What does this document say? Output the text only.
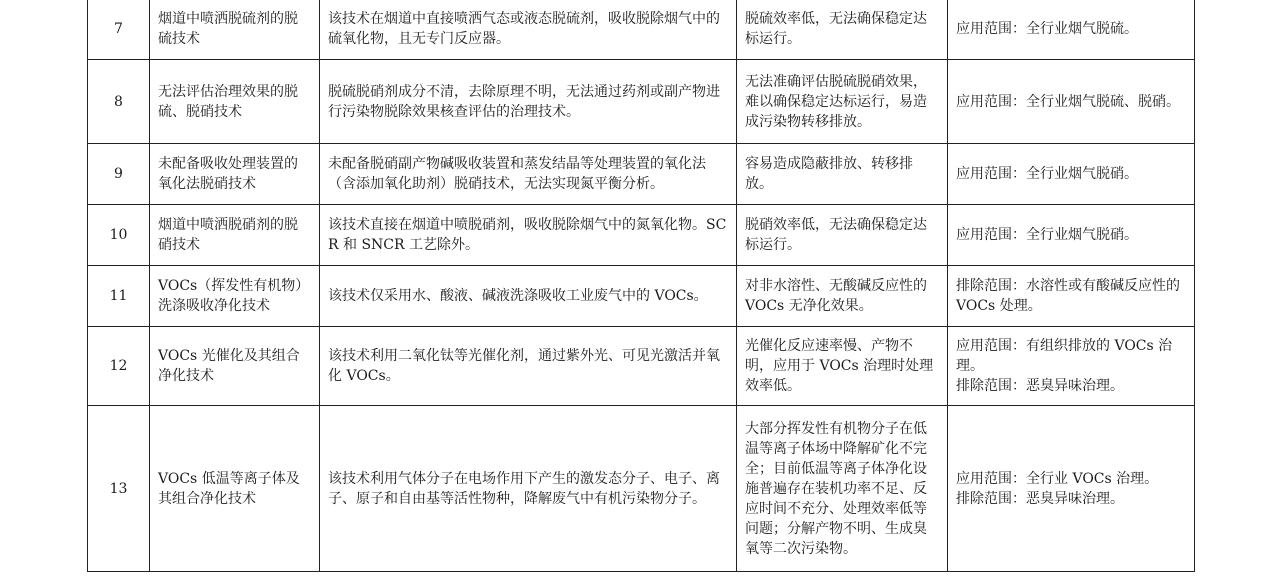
7	烟道中喷洒脱硫剂的脱硫技术	该技术在烟道中直接喷洒气态或液态脱硫剂，吸收脱除烟气中的硫氧化物，且无专门反应器。	脱硫效率低，无法确保稳定达标运行。	应用范围：全行业烟气脱硫。

8	无法评估治理效果的脱硫、脱硝技术	脱硫脱硝剂成分不清，去除原理不明，无法通过药剂或副产物进行污染物脱除效果核查评估的治理技术。	无法准确评估脱硫脱硝效果，难以确保稳定达标运行，易造成污染物转移排放。	应用范围：全行业烟气脱硫、脱硝。

9	未配备吸收处理装置的氧化法脱硝技术	未配备脱硝副产物碱吸收装置和蒸发结晶等处理装置的氧化法（含添加氧化助剂）脱硝技术，无法实现氮平衡分析。	容易造成隐蔽排放、转移排放。	应用范围：全行业烟气脱硝。

10	烟道中喷洒脱硝剂的脱硝技术	该技术直接在烟道中喷脱硝剂，吸收脱除烟气中的氮氧化物。SCR 和 SNCR 工艺除外。	脱硝效率低，无法确保稳定达标运行。	应用范围：全行业烟气脱硝。

11	VOCs（挥发性有机物）洗涤吸收净化技术	该技术仅采用水、酸液、碱液洗涤吸收工业废气中的 VOCs。	对非水溶性、无酸碱反应性的 VOCs 无净化效果。	排除范围：水溶性或有酸碱反应性的 VOCs 处理。

12	VOCs 光催化及其组合净化技术	该技术利用二氧化钛等光催化剂，通过紫外光、可见光激活并氧化 VOCs。	光催化反应速率慢、产物不明，应用于 VOCs 治理时处理效率低。	应用范围：有组织排放的 VOCs 治理。
排除范围：恶臭异味治理。

13	VOCs 低温等离子体及其组合净化技术	该技术利用气体分子在电场作用下产生的激发态分子、电子、离子、原子和自由基等活性物种，降解废气中有机污染物分子。	大部分挥发性有机物分子在低温等离子体场中降解矿化不完全；目前低温等离子体净化设施普遍存在装机功率不足、反应时间不充分、处理效率低等问题；分解产物不明、生成臭氧等二次污染物。	应用范围：全行业 VOCs 治理。
排除范围：恶臭异味治理。
